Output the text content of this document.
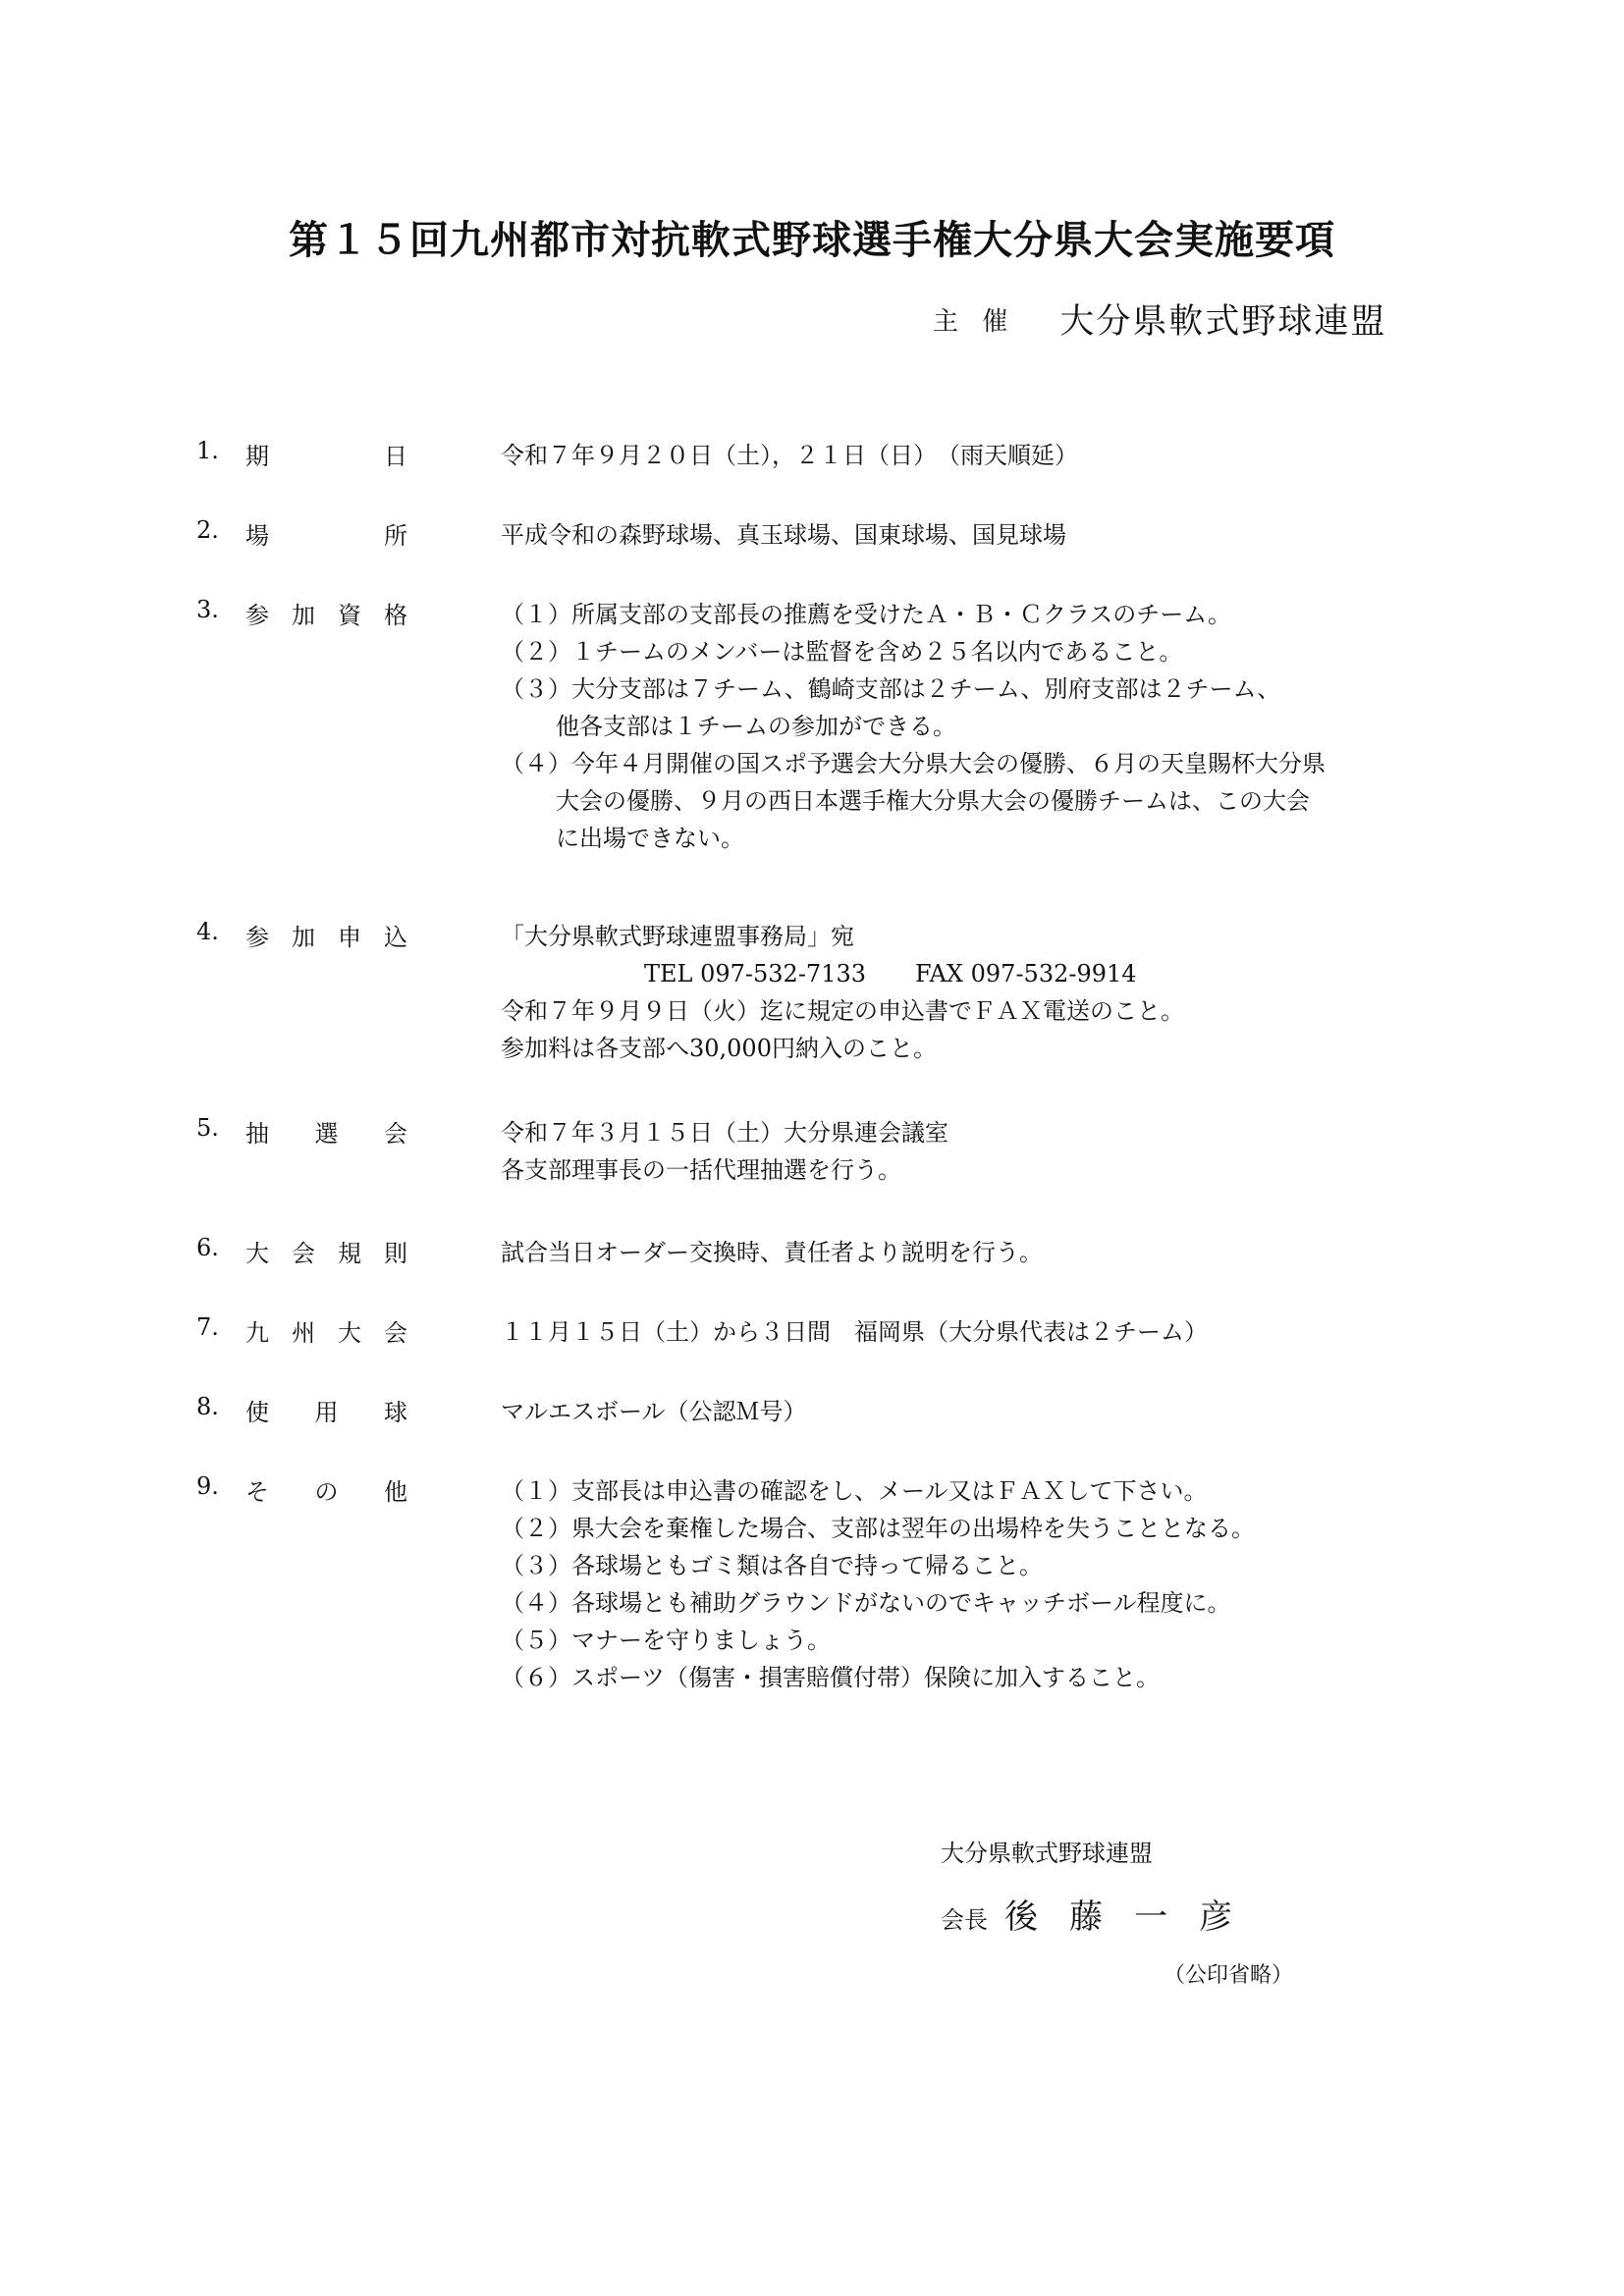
第１５回九州都市対抗軟式野球選手権大分県大会実施要項
主 催 大分県軟式野球連盟
1. 期日	令和７年９月２０日（土），２１日（日）　（雨天順延）
2. 場所	平成令和の森野球場、真玉球場、国東球場、国見球場
3. 参加資格	（１）所属支部の支部長の推薦を受けたＡ・Ｂ・Ｃクラスのチーム。
（２）１チームのメンバーは監督を含め２５名以内であること。
（３）大分支部は７チーム、鶴崎支部は２チーム、別府支部は２チーム、
他各支部は１チームの参加ができる。
（４）今年４月開催の国スポ予選会大分県大会の優勝、６月の天皇賜杯大分県
大会の優勝、９月の西日本選手権大分県大会の優勝チームは、この大会
に出場できない。
4. 参加申込	「大分県軟式野球連盟事務局」宛
TEL 097-532-7133 FAX 097-532-9914
令和７年９月９日（火）迄に規定の申込書でＦＡＸ電送のこと。
参加料は各支部へ30,000円納入のこと。
5. 抽選会	令和７年３月１５日（土）大分県連会議室
各支部理事長の一括代理抽選を行う。
6. 大会規則	試合当日オーダー交換時、責任者より説明を行う。
7. 九州大会	１１月１５日（土）から３日間　福岡県（大分県代表は２チーム）
8. 使用球	マルエスボール（公認Ｍ号）
9. その他	（１）支部長は申込書の確認をし、メール又はＦＡＸして下さい。
（２）県大会を棄権した場合、支部は翌年の出場枠を失うこととなる。
（３）各球場ともゴミ類は各自で持って帰ること。
（４）各球場とも補助グラウンドがないのでキャッチボール程度に。
（５）マナーを守りましょう。
（６）スポーツ（傷害・損害賠償付帯）保険に加入すること。
大分県軟式野球連盟
会長 後藤一彦
（公印省略）
